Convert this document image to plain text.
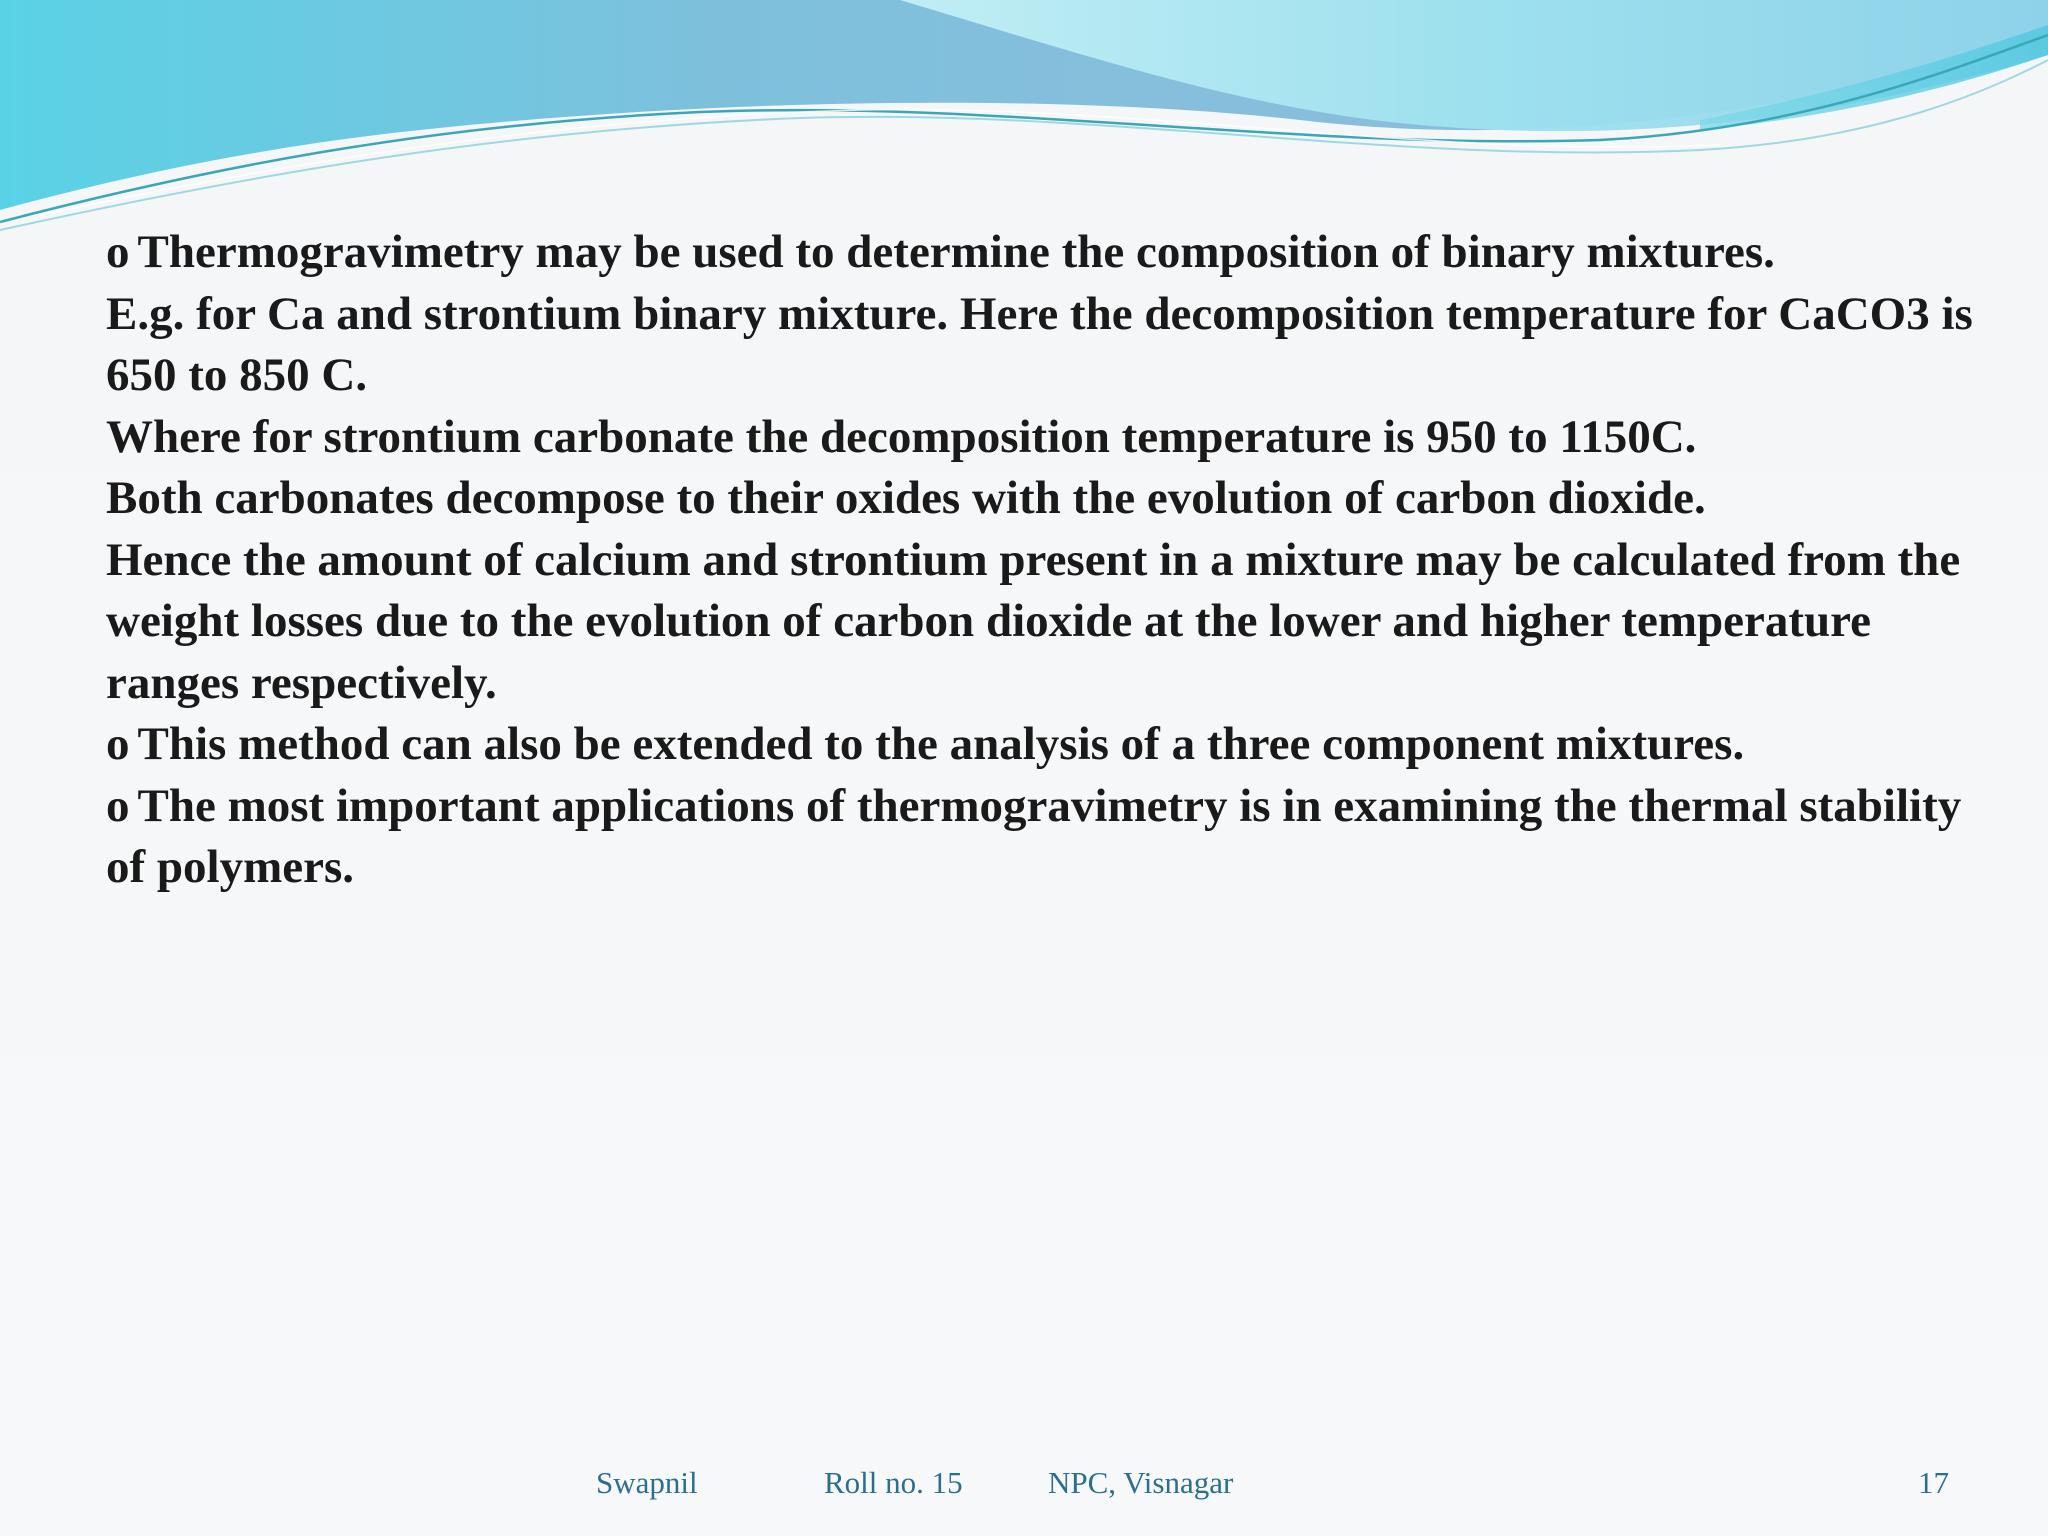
o Thermogravimetry may be used to determine the composition of binary mixtures.

E.g. for Ca and strontium binary mixture. Here the decomposition temperature for CaCO3 is 650 to 850 C.

Where for strontium carbonate the decomposition temperature is 950 to 1150C.

Both carbonates decompose to their oxides with the evolution of carbon dioxide.

Hence the amount of calcium and strontium present in a mixture may be calculated from the weight losses due to the evolution of carbon dioxide at the lower and higher temperature ranges respectively.

o This method can also be extended to the analysis of a three component mixtures.

o The most important applications of thermogravimetry is in examining the thermal stability of polymers.

Swapnil	Roll no. 15	NPC, Visnagar	17
